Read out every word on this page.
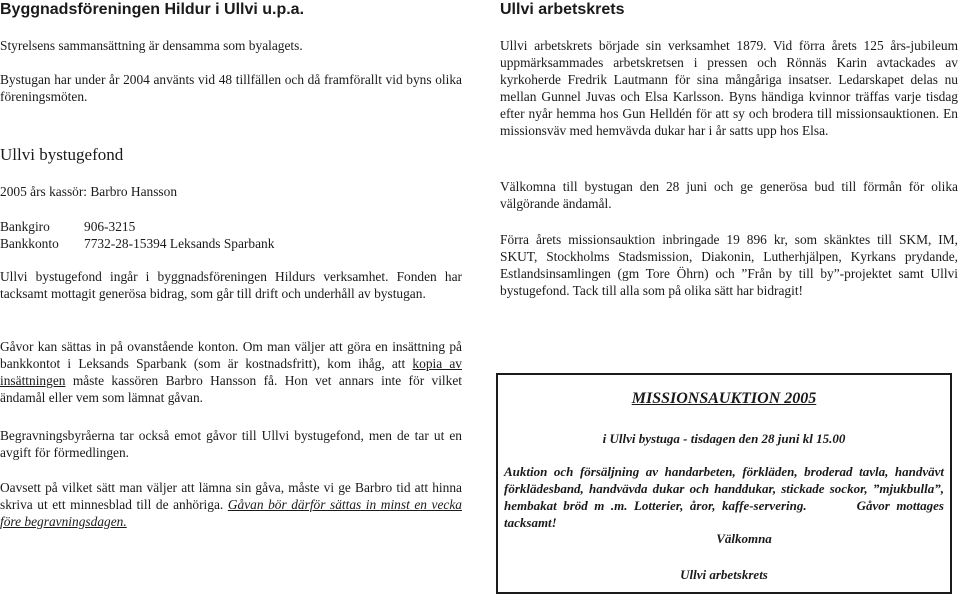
Byggnadsföreningen Hildur i Ullvi u.p.a.

Styrelsens sammansättning är densamma som byalagets.

Bystugan har under år 2004 använts vid 48 tillfällen och då framförallt vid byns olika föreningsmöten.

Ullvi bystugefond
2005 års kassör: Barbro Hansson
Bankgiro	906-3215
Bankkonto 7732-28-15394 Leksands Sparbank

Ullvi bystugefond ingår i byggnadsföreningen Hildurs verksamhet. Fonden har tacksamt mottagit generösa bidrag, som går till drift och underhåll av bystugan.

Gåvor kan sättas in på ovanstående konton. Om man väljer att göra en insättning på bankkontot i Leksands Sparbank (som är kostnadsfritt), kom ihåg, att kopia av insättningen måste kassören Barbro Hansson få. Hon vet annars inte för vilket ändamål eller vem som lämnat gåvan.

Begravningsbyråerna tar också emot gåvor till Ullvi bystugefond, men de tar ut en avgift för förmedlingen.

Oavsett på vilket sätt man väljer att lämna sin gåva, måste vi ge Barbro tid att hinna skriva ut ett minnesblad till de anhöriga. Gåvan bör därför sättas in minst en vecka före begravningsdagen.

Ullvi arbetskrets

Ullvi arbetskrets började sin verksamhet 1879. Vid förra årets 125 års-jubileum uppmärksammades arbetskretsen i pressen och Rönnäs Karin avtackades av kyrkoherde Fredrik Lautmann för sina mångåriga insatser. Ledarskapet delas nu mellan Gunnel Juvas och Elsa Karlsson. Byns händiga kvinnor träffas varje tisdag efter nyår hemma hos Gun Helldén för att sy och brodera till missionsauktionen. En missionsväv med hemvävda dukar har i år satts upp hos Elsa.

Välkomna till bystugan den 28 juni och ge generösa bud till förmån för olika välgörande ändamål.

Förra årets missionsauktion inbringade 19 896 kr, som skänktes till SKM, IM, SKUT, Stockholms Stadsmission, Diakonin, Lutherhjälpen, Kyrkans prydande, Estlandsinsamlingen (gm Tore Öhrn) och ”Från by till by”-projektet samt Ullvi bystugefond. Tack till alla som på olika sätt har bidragit!

MISSIONSAUKTION 2005
i Ullvi bystuga - tisdagen den 28 juni kl 15.00
Auktion och försäljning av handarbeten, förkläden, broderad tavla, handvävt förklädesband, handvävda dukar och handdukar, stickade sockor, ”mjukbulla”, hembakat bröd m .m. Lotterier, åror, kaffe-servering.	Gåvor mottages tacksamt!
Välkomna
Ullvi arbetskrets
